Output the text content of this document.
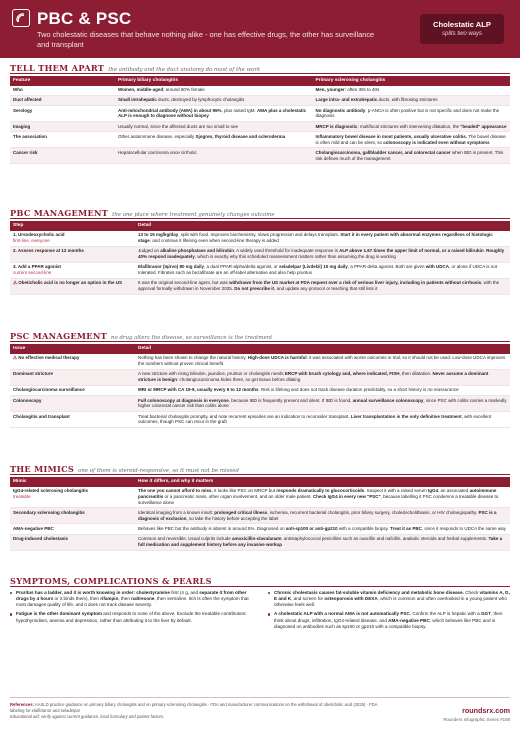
PBC & PSC
Two cholestatic diseases that behave nothing alike - one has effective drugs, the other has surveillance and transplant
Cholestatic ALP
splits two ways
TELL THEM APART the antibody and the duct anatomy do most of the work
Feature	Primary biliary cholangitis	Primary sclerosing cholangitis
Who	Women, middle-aged; around 90% female	Men, younger; often 30s to 40s
Duct affected	Small intrahepatic ducts, destroyed by lymphocytic cholangitis	Large intra- and extrahepatic ducts, with fibrosing strictures
Serology	Anti-mitochondrial antibody (AMA) in about 95%, plus raised IgM. AMA plus a cholestatic ALP is enough to diagnose without biopsy	No diagnostic antibody. p-ANCA is often positive but is not specific and does not make the diagnosis
Imaging	Usually normal, since the affected ducts are too small to see	MRCP is diagnostic: multifocal strictures with intervening dilatation, the "beaded" appearance
The association	Other autoimmune disease, especially Sjogren, thyroid disease and scleroderma	Inflammatory bowel disease in most patients, usually ulcerative colitis. The bowel disease is often mild and can be silent, so colonoscopy is indicated even without symptoms
Cancer risk	Hepatocellular carcinoma once cirrhotic	Cholangiocarcinoma, gallbladder cancer, and colorectal cancer when IBD is present. This risk defines much of the management
PBC MANAGEMENT the one place where treatment genuinely changes outcome
Step	Detail
1. Ursodeoxycholic acid
first-line, everyone	13 to 15 mg/kg/day, split with food. Improves biochemistry, slows progression and delays transplant. Start it in every patient with abnormal enzymes regardless of histologic stage, and continue it lifelong even when second-line therapy is added
2. Assess response at 12 months	Judged on alkaline phosphatase and bilirubin. A widely used threshold for inadequate response is ALP above 1.67 times the upper limit of normal, or a raised bilirubin. Roughly 40% respond inadequately, which is exactly why this scheduled reassessment matters rather than assuming the drug is working
3. Add a PPAR agonist
current second-line	Elafibranor (Iqirvo) 80 mg daily, a dual PPAR-alpha/delta agonist, or seladelpar (Livdelzi) 10 mg daily, a PPAR-delta agonist. Both are given with UDCA, or alone if UDCA is not tolerated. Fibrates such as bezafibrate are an off-label alternative and also help pruritus
⚠ Obeticholic acid is no longer an option in the US	It was the original second-line agent, but was withdrawn from the US market at FDA request over a risk of serious liver injury, including in patients without cirrhosis, with the approval formally withdrawn in November 2025. Do not prescribe it, and update any protocol or teaching that still lists it
PSC MANAGEMENT no drug alters the disease, so surveillance is the treatment
Issue	Detail
⚠ No effective medical therapy	Nothing has been shown to change the natural history. High-dose UDCA is harmful: it was associated with worse outcomes in trial, so it should not be used. Low-dose UDCA improves the numbers without proven clinical benefit
Dominant stricture	A new stricture with rising bilirubin, jaundice, pruritus or cholangitis needs ERCP with brush cytology and, where indicated, FISH, then dilatation. Never assume a dominant stricture is benign: cholangiocarcinoma hides there, so get tissue before dilating
Cholangiocarcinoma surveillance	MRI or MRCP with CA 19-9, usually every 6 to 12 months. Risk is lifelong and does not track disease duration predictably, so a short history is no reassurance
Colonoscopy	Full colonoscopy at diagnosis in everyone, because IBD is frequently present and silent. If IBD is found, annual surveillance colonoscopy, since PSC with colitis carries a markedly higher colorectal cancer risk than colitis alone
Cholangitis and transplant	Treat bacterial cholangitis promptly, and note recurrent episodes are an indication to reconsider transplant. Liver transplantation is the only definitive treatment, with excellent outcomes, though PSC can recur in the graft
THE MIMICS one of them is steroid-responsive, so it must not be missed
Mimic	How it differs, and why it matters
IgG4-related sclerosing cholangitis
treatable	The one you cannot afford to miss. It looks like PSC on MRCP but responds dramatically to glucocorticoids. Suspect it with a raised serum IgG4, an associated autoimmune pancreatitis or a pancreatic mass, other organ involvement, and an older male patient. Check IgG4 in every new "PSC", because labelling it PSC condemns a treatable disease to surveillance alone
Secondary sclerosing cholangitis	Identical imaging from a known insult: prolonged critical illness, ischemia, recurrent bacterial cholangitis, prior biliary surgery, choledocholithiasis, or HIV cholangiopathy. PSC is a diagnosis of exclusion, so take the history before accepting the label
AMA-negative PBC	Behaves like PBC but the antibody is absent in around 5%. Diagnosed on anti-sp100 or anti-gp210 with a compatible biopsy. Treat it as PBC, since it responds to UDCA the same way
Drug-induced cholestasis	Common and reversible. Usual culprits include amoxicillin-clavulanate, antistaphylococcal penicillins such as oxacillin and nafcillin, anabolic steroids and herbal supplements. Take a full medication and supplement history before any invasive workup
SYMPTOMS, COMPLICATIONS & PEARLS
Pruritus has a ladder, and it is worth knowing in order: cholestyramine first (4 g, and separate it from other drugs by 4 hours or it binds them), then rifampin, then naltrexone, then sertraline. Itch is often the symptom that most damages quality of life, and it does not track disease severity.
Fatigue is the other dominant symptom and responds to none of the above. Exclude the treatable contributors: hypothyroidism, anemia and depression, rather than attributing it to the liver by default.
Chronic cholestasis causes fat-soluble vitamin deficiency and metabolic bone disease. Check vitamins A, D, E and K, and screen for osteoporosis with DEXA, which is common and often overlooked in a young patient who otherwise feels well.
A cholestatic ALP with a normal AMA is not automatically PSC. Confirm the ALP is hepatic with a GGT, then think about drugs, infiltration, IgG4-related disease, and AMA-negative PBC, which behaves like PBC and is diagnosed on antibodies such as sp100 or gp210 with a compatible biopsy.
References: AASLD practice guidance on primary biliary cholangitis and on primary sclerosing cholangitis · FDA and manufacturer communications on the withdrawal of obeticholic acid (2025) · FDA labeling for elafibranor and seladelpar
Educational aid; verify against current guidance, local formulary and patient factors.
roundsrx.com
Rounders Infographic Series #168
